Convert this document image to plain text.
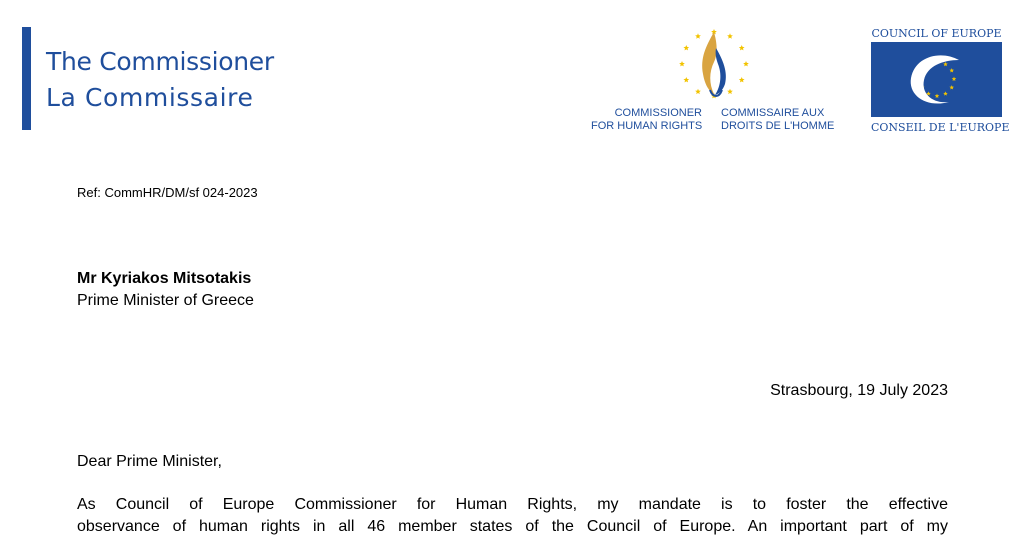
The Commissioner
La Commissaire
COMMISSIONER
FOR HUMAN RIGHTS
COMMISSAIRE AUX
DROITS DE L'HOMME
COUNCIL OF EUROPE
CONSEIL DE L'EUROPE
Ref: CommHR/DM/sf 024-2023
Mr Kyriakos Mitsotakis
Prime Minister of Greece
Strasbourg, 19 July 2023
Dear Prime Minister,
As Council of Europe Commissioner for Human Rights, my mandate is to foster the effective
observance of human rights in all 46 member states of the Council of Europe. An important part of my
